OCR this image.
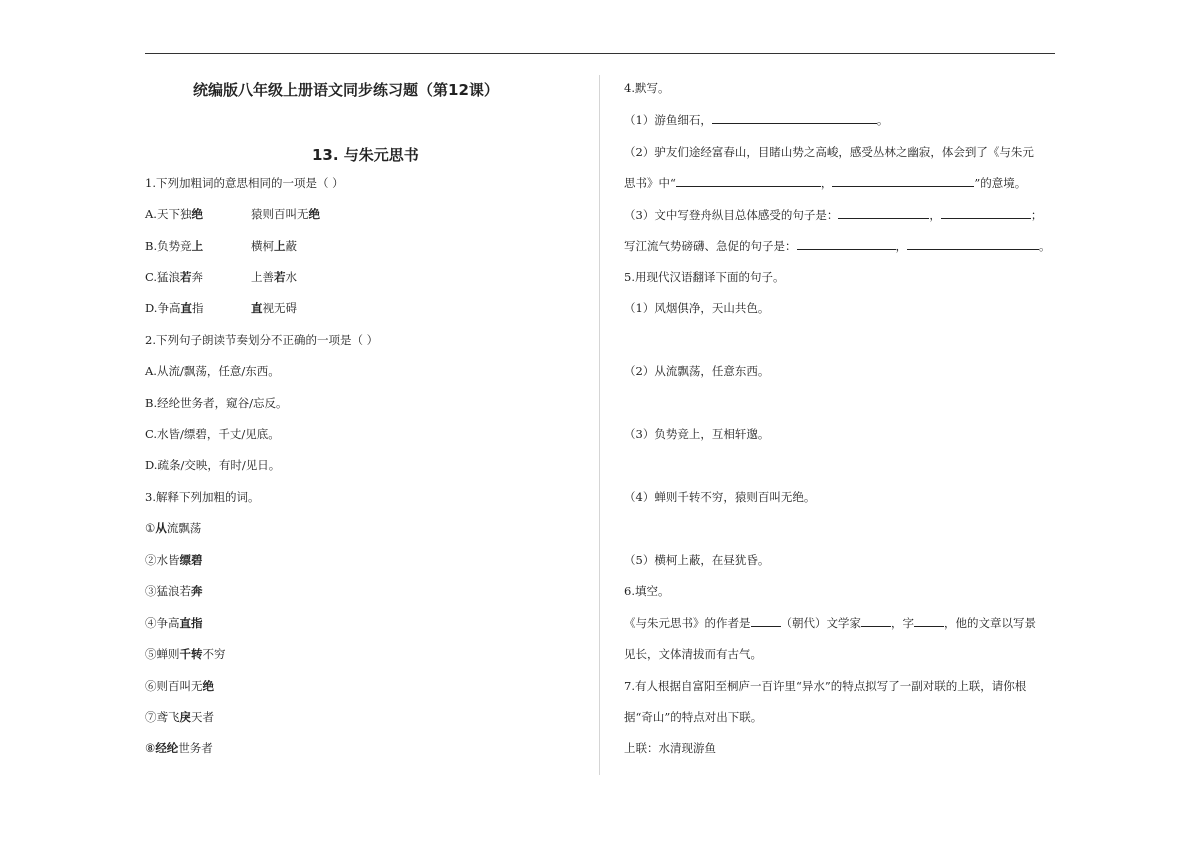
统编版八年级上册语文同步练习题（第12课）
13. 与朱元思书
1.下列加粗词的意思相同的一项是（ ）
A.天下独绝	猿则百叫无绝
B.负势竞上	横柯上蔽
C.猛浪若奔	上善若水
D.争高直指	直视无碍
2.下列句子朗读节奏划分不正确的一项是（ ）
A.从流/飘荡，任意/东西。
B.经纶世务者，窥谷/忘反。
C.水皆/缥碧，千丈/见底。
D.疏条/交映，有时/见日。
3.解释下列加粗的词。
①从流飘荡
②水皆缥碧
③猛浪若奔
④争高直指
⑤蝉则千转不穷
⑥则百叫无绝
⑦鸢飞戾天者
⑧经纶世务者
4.默写。
（1）游鱼细石，	。
（2）驴友们途经富春山，目睹山势之高峻，感受丛林之幽寂，体会到了《与朱元
思书》中“	，	”的意境。
（3）文中写登舟纵目总体感受的句子是：	，	；
写江流气势磅礴、急促的句子是：	，	。
5.用现代汉语翻译下面的句子。
（1）风烟俱净，天山共色。
（2）从流飘荡，任意东西。
（3）负势竞上，互相轩邈。
（4）蝉则千转不穷，猿则百叫无绝。
（5）横柯上蔽，在昼犹昏。
6.填空。
《与朱元思书》的作者是	（朝代）文学家	，字	，他的文章以写景
见长，文体清拔而有古气。
7.有人根据自富阳至桐庐一百许里“异水”的特点拟写了一副对联的上联，请你根
据“奇山”的特点对出下联。
上联：水清现游鱼
